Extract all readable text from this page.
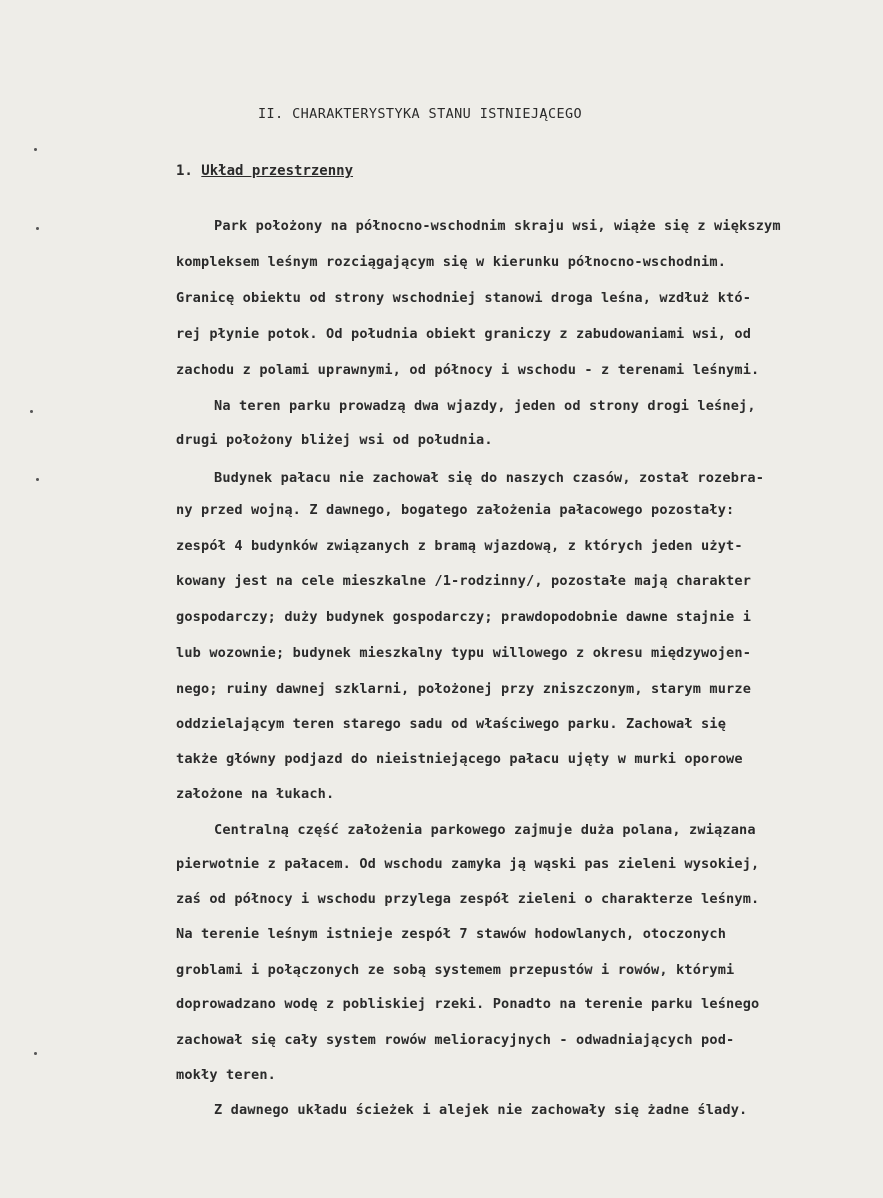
II. CHARAKTERYSTYKA STANU ISTNIEJĄCEGO
1. Układ przestrzenny
Park położony na północno-wschodnim skraju wsi, wiąże się z większym
kompleksem leśnym rozciągającym się w kierunku północno-wschodnim.
Granicę obiektu od strony wschodniej stanowi droga leśna, wzdłuż któ-
rej płynie potok. Od południa obiekt graniczy z zabudowaniami wsi, od
zachodu z polami uprawnymi, od północy i wschodu - z terenami leśnymi.
Na teren parku prowadzą dwa wjazdy, jeden od strony drogi leśnej,
drugi położony bliżej wsi od południa.
Budynek pałacu nie zachował się do naszych czasów, został rozebra-
ny przed wojną. Z dawnego, bogatego założenia pałacowego pozostały:
zespół 4 budynków związanych z bramą wjazdową, z których jeden użyt-
kowany jest na cele mieszkalne /1-rodzinny/, pozostałe mają charakter
gospodarczy; duży budynek gospodarczy; prawdopodobnie dawne stajnie i
lub wozownie; budynek mieszkalny typu willowego z okresu międzywojen-
nego; ruiny dawnej szklarni, położonej przy zniszczonym, starym murze
oddzielającym teren starego sadu od właściwego parku. Zachował się
także główny podjazd do nieistniejącego pałacu ujęty w murki oporowe
założone na łukach.
Centralną część założenia parkowego zajmuje duża polana, związana
pierwotnie z pałacem. Od wschodu zamyka ją wąski pas zieleni wysokiej,
zaś od północy i wschodu przylega zespół zieleni o charakterze leśnym.
Na terenie leśnym istnieje zespół 7 stawów hodowlanych, otoczonych
groblami i połączonych ze sobą systemem przepustów i rowów, którymi
doprowadzano wodę z pobliskiej rzeki. Ponadto na terenie parku leśnego
zachował się cały system rowów melioracyjnych - odwadniających pod-
mokły teren.
Z dawnego układu ścieżek i alejek nie zachowały się żadne ślady.
